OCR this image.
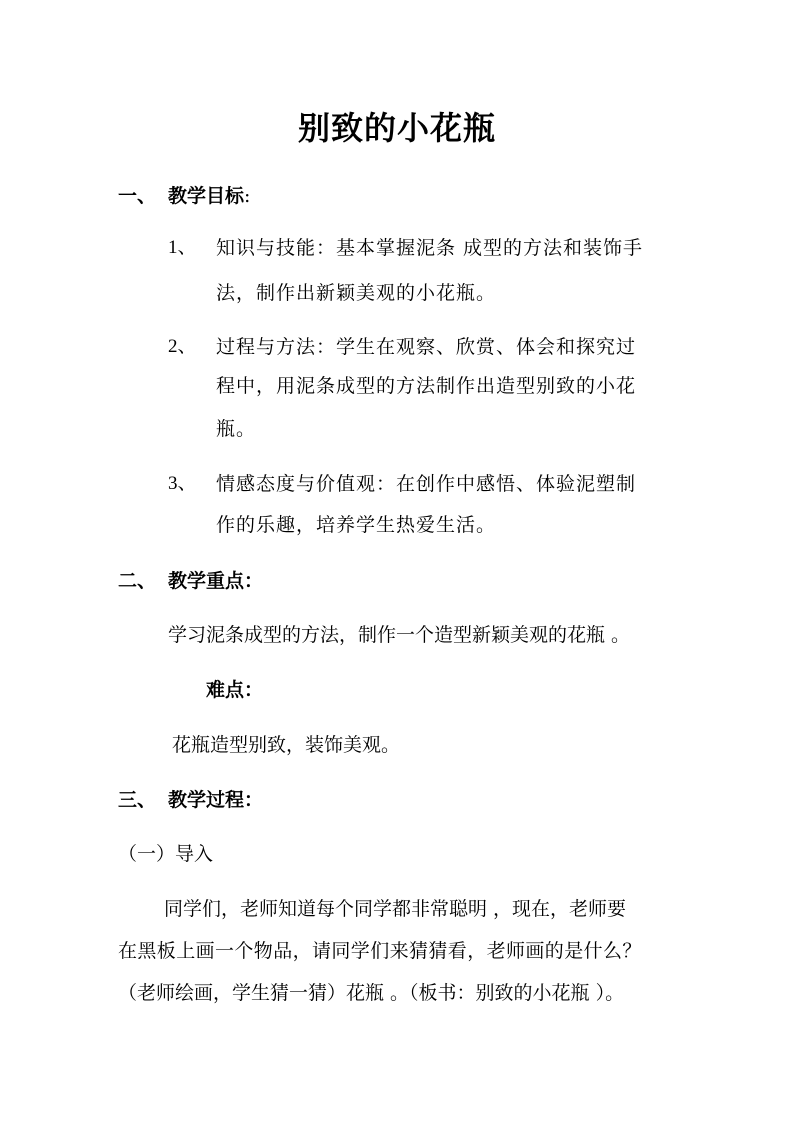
别致的小花瓶
一、 教学目标:
1、 知识与技能：基本掌握泥条 成型的方法和装饰手
法，制作出新颖美观的小花瓶。
2、 过程与方法：学生在观察、欣赏、体会和探究过
程中，用泥条成型的方法制作出造型别致的小花
瓶。
3、 情感态度与价值观：在创作中感悟、体验泥塑制
作的乐趣，培养学生热爱生活。
二、 教学重点：
学习泥条成型的方法，制作一个造型新颖美观的花瓶 。
难点：
花瓶造型别致，装饰美观。
三、 教学过程：
（一）导入
同学们，老师知道每个同学都非常聪明 ，现在，老师要
在黑板上画一个物品，请同学们来猜猜看，老师画的是什么？
（老师绘画，学生猜一猜）花瓶 。（板书：别致的小花瓶 ）。
